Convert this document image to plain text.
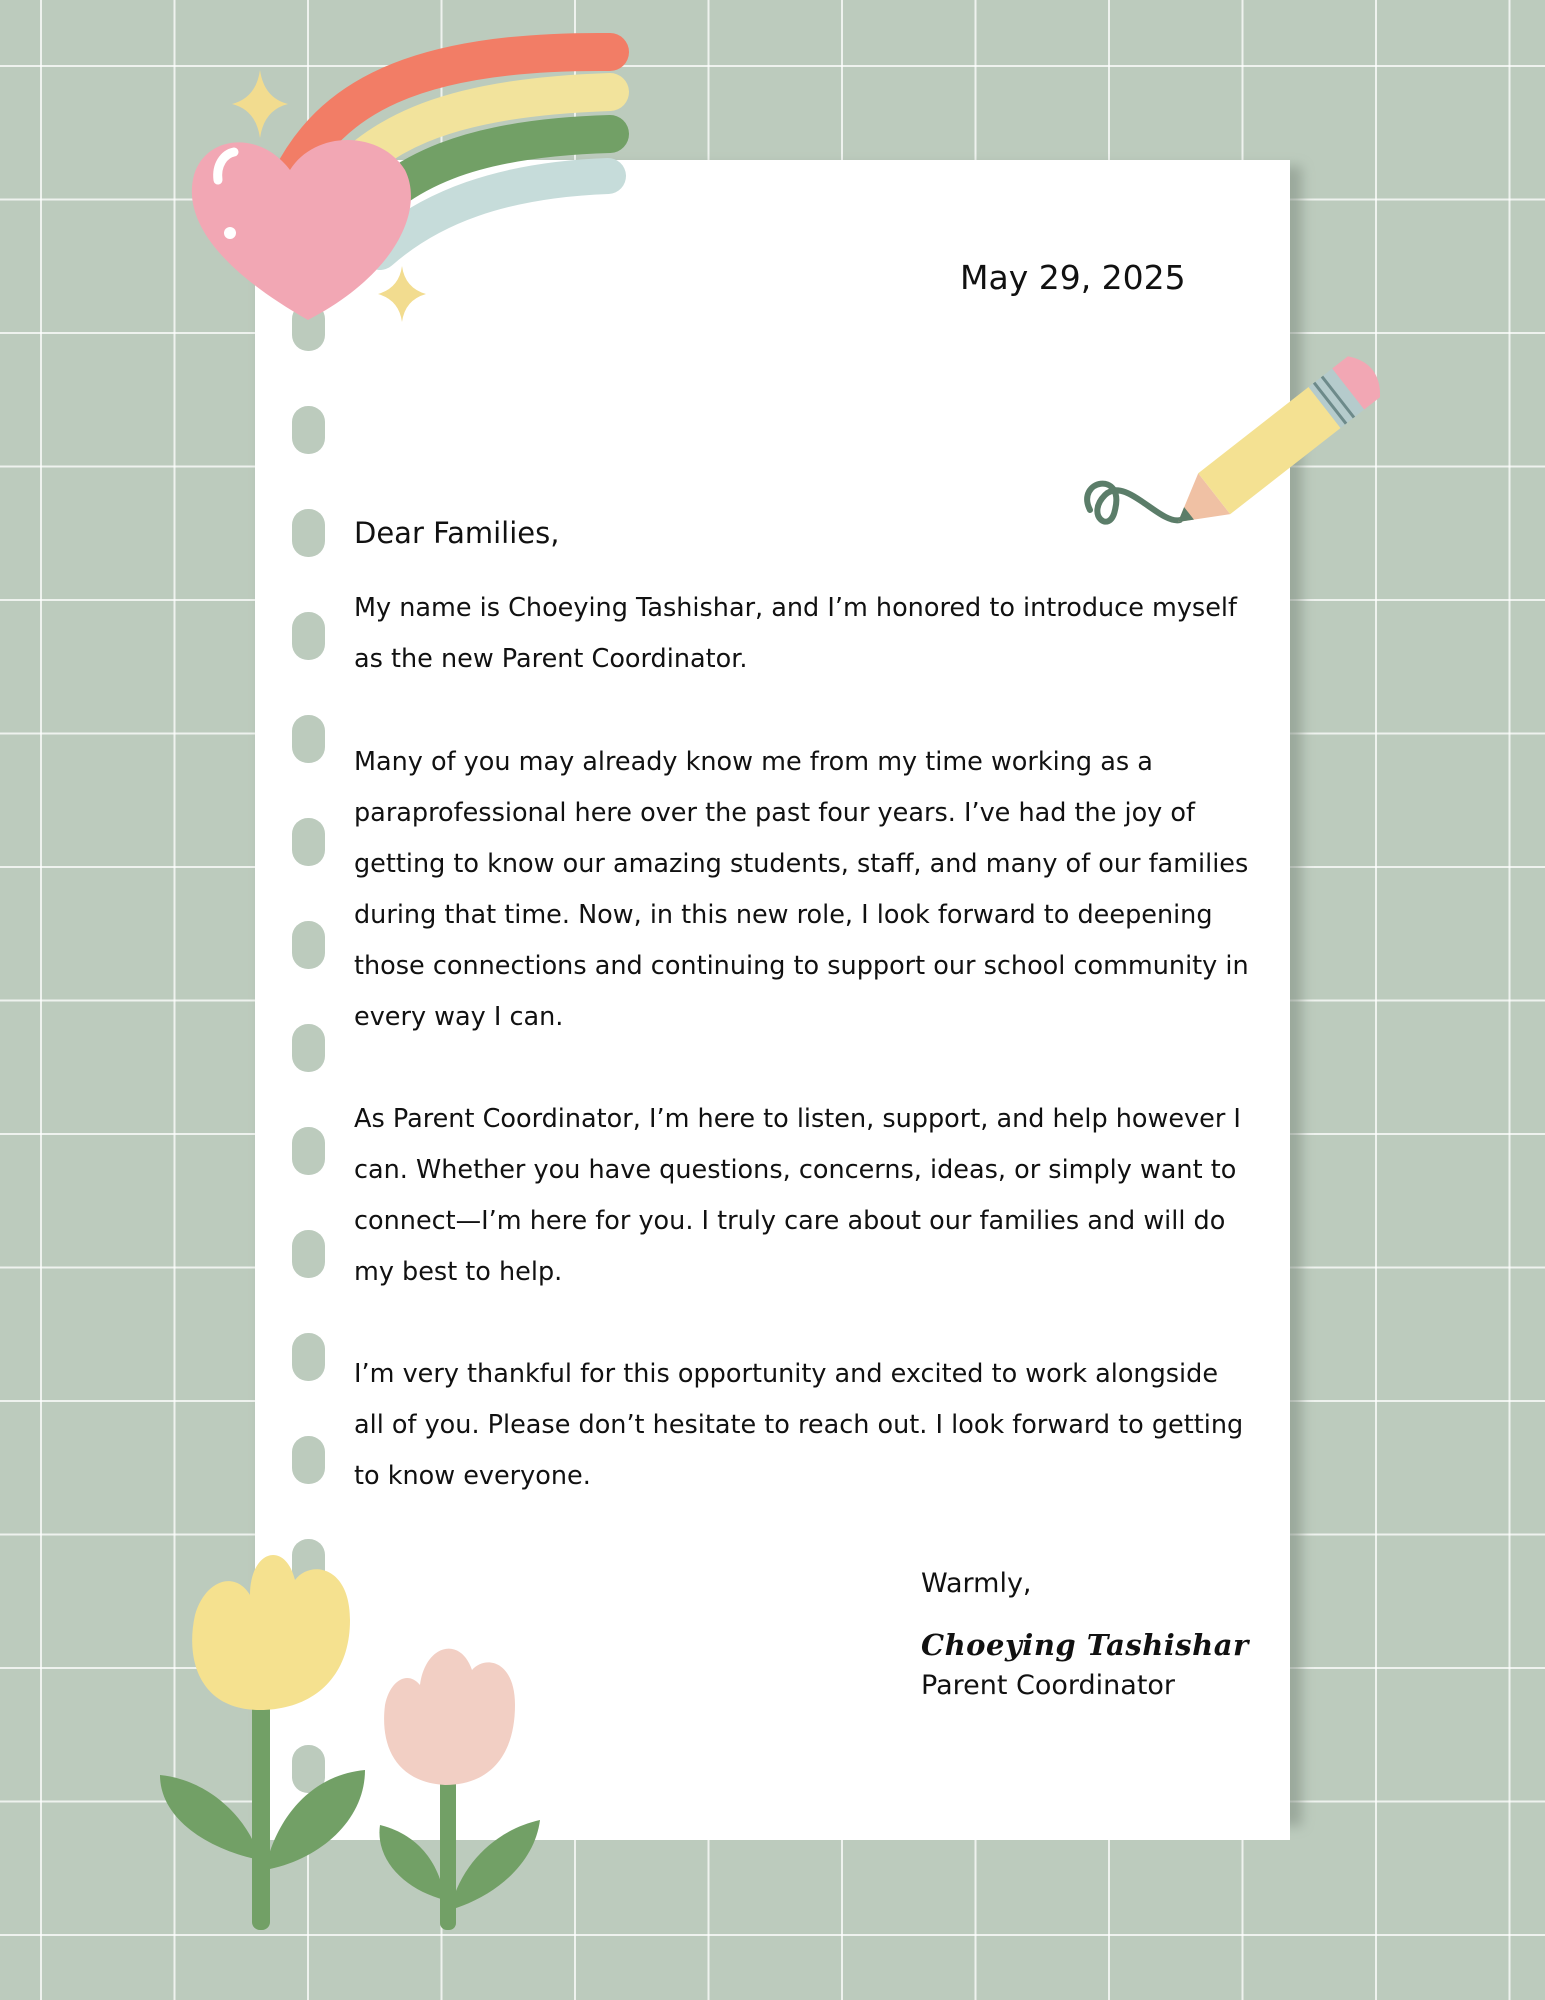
May 29, 2025
Dear Families,
My name is Choeying Tashishar, and I’m honored to introduce myself as the new Parent Coordinator.
Many of you may already know me from my time working as a paraprofessional here over the past four years. I’ve had the joy of getting to know our amazing students, staff, and many of our families during that time. Now, in this new role, I look forward to deepening those connections and continuing to support our school community in every way I can.
As Parent Coordinator, I’m here to listen, support, and help however I can. Whether you have questions, concerns, ideas, or simply want to connect—I’m here for you. I truly care about our families and will do my best to help.
I’m very thankful for this opportunity and excited to work alongside all of you. Please don’t hesitate to reach out. I look forward to getting to know everyone.
Warmly,
Choeying Tashishar
Parent Coordinator
